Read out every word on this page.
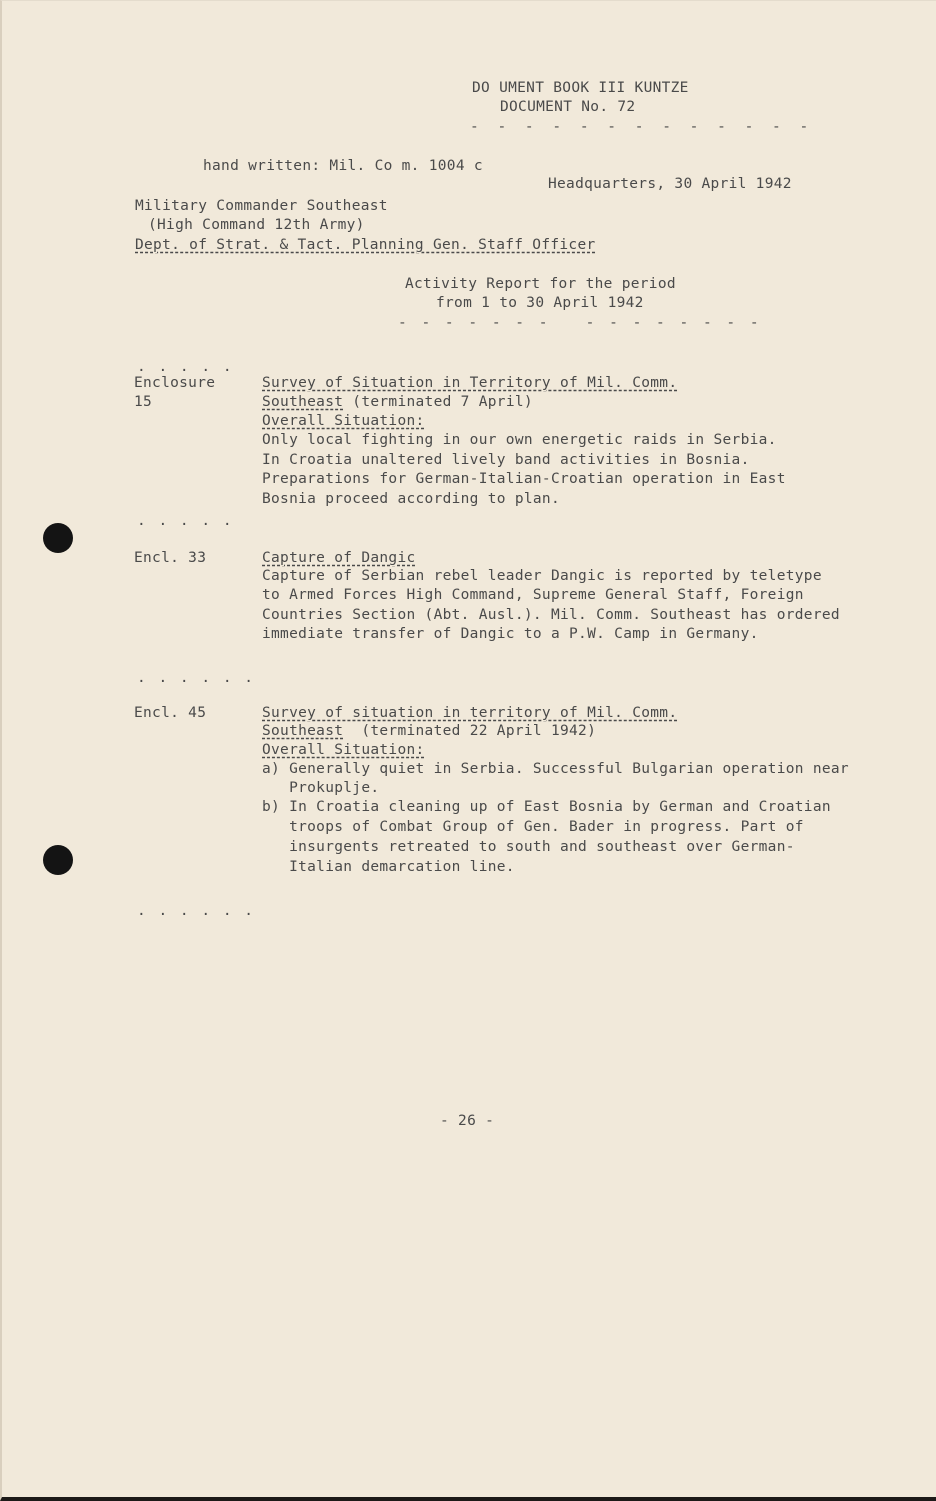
DO UMENT BOOK III KUNTZE
DOCUMENT No. 72
- - - - - - - - - - - - -
hand written: Mil. Co m. 1004 c
Headquarters, 30 April 1942
Military Commander Southeast
(High Command 12th Army)
Dept. of Strat. & Tact. Planning Gen. Staff Officer
Activity Report for the period
from 1 to 30 April 1942
- - - - - - -   - - - - - - - -
. . . . .
Enclosure
15
Survey of Situation in Territory of Mil. Comm.
Southeast (terminated 7 April)
Overall Situation:
Only local fighting in our own energetic raids in Serbia.
In Croatia unaltered lively band activities in Bosnia.
Preparations for German-Italian-Croatian operation in East
Bosnia proceed according to plan.
. . . . .
Encl. 33	Capture of Dangic
Capture of Serbian rebel leader Dangic is reported by teletype
to Armed Forces High Command, Supreme General Staff, Foreign
Countries Section (Abt. Ausl.). Mil. Comm. Southeast has ordered
immediate transfer of Dangic to a P.W. Camp in Germany.
. . . . . .
Encl. 45	Survey of situation in territory of Mil. Comm.
Southeast  (terminated 22 April 1942)
Overall Situation:
a) Generally quiet in Serbia. Successful Bulgarian operation near
Prokuplje.
b) In Croatia cleaning up of East Bosnia by German and Croatian
troops of Combat Group of Gen. Bader in progress. Part of
insurgents retreated to south and southeast over German-
Italian demarcation line.
. . . . . .
- 26 -
